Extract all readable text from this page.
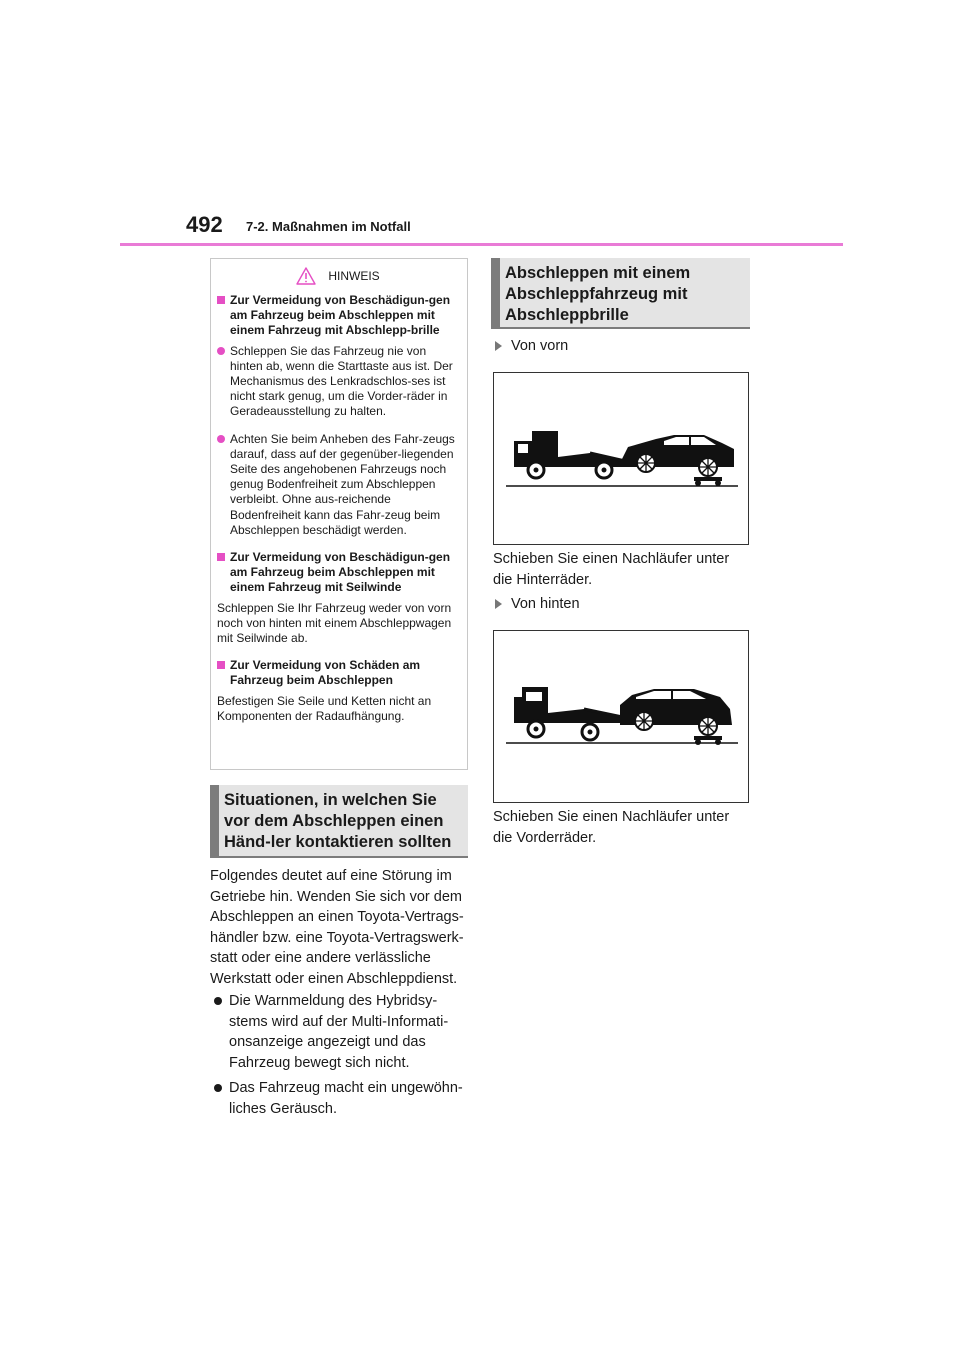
492 7-2. Maßnahmen im Notfall
HINWEIS

Zur Vermeidung von Beschädigun-gen am Fahrzeug beim Abschleppen mit einem Fahrzeug mit Abschlepp-brille

Schleppen Sie das Fahrzeug nie von hinten ab, wenn die Starttaste aus ist. Der Mechanismus des Lenkradschlos-ses ist nicht stark genug, um die Vorder-räder in Geradeausstellung zu halten.

Achten Sie beim Anheben des Fahr-zeugs darauf, dass auf der gegenüber-liegenden Seite des angehobenen Fahrzeugs noch genug Bodenfreiheit zum Abschleppen verbleibt. Ohne aus-reichende Bodenfreiheit kann das Fahr-zeug beim Abschleppen beschädigt werden.

Zur Vermeidung von Beschädigun-gen am Fahrzeug beim Abschleppen mit einem Fahrzeug mit Seilwinde

Schleppen Sie Ihr Fahrzeug weder von vorn noch von hinten mit einem Abschleppwagen mit Seilwinde ab.

Zur Vermeidung von Schäden am Fahrzeug beim Abschleppen

Befestigen Sie Seile und Ketten nicht an Komponenten der Radaufhängung.

Situationen, in welchen Sie vor dem Abschleppen einen Händ-ler kontaktieren sollten

Folgendes deutet auf eine Störung im Getriebe hin. Wenden Sie sich vor dem Abschleppen an einen Toyota-Vertrags-händler bzw. eine Toyota-Vertragswerk-statt oder eine andere verlässliche Werkstatt oder einen Abschleppdienst.

Die Warnmeldung des Hybridsy-stems wird auf der Multi-Informati-onsanzeige angezeigt und das Fahrzeug bewegt sich nicht.

Das Fahrzeug macht ein ungewöhn-liches Geräusch.

Abschleppen mit einem Abschleppfahrzeug mit Abschleppbrille
Von vorn

Schieben Sie einen Nachläufer unter die Hinterräder.

Von hinten

Schieben Sie einen Nachläufer unter die Vorderräder.
